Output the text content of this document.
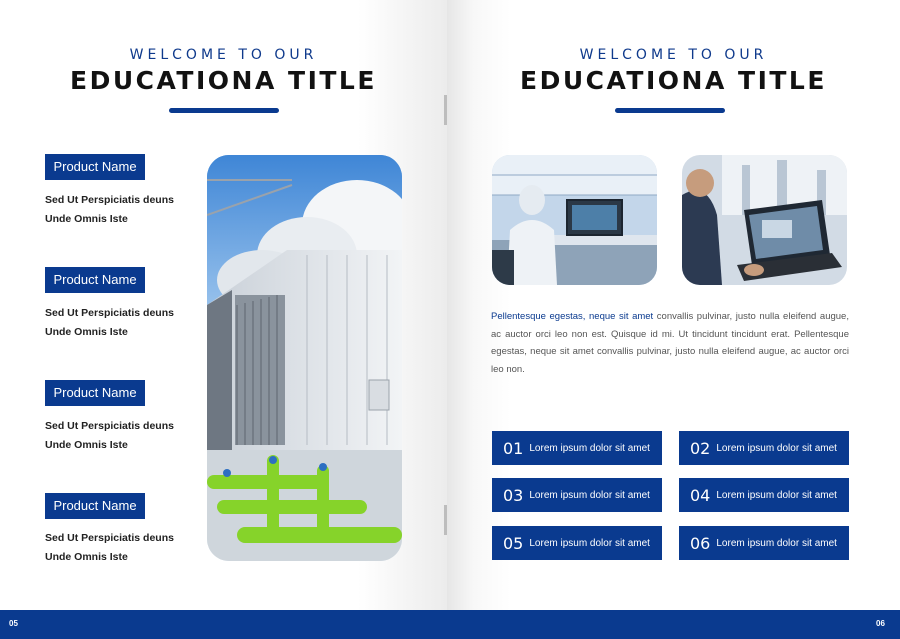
WELCOME TO OUR
EDUCATIONA TITLE
Product Name
Sed Ut Perspiciatis deuns
Unde Omnis Iste
Product Name
Sed Ut Perspiciatis deuns
Unde Omnis Iste
Product Name
Sed Ut Perspiciatis deuns
Unde Omnis Iste
Product Name
Sed Ut Perspiciatis deuns
Unde Omnis Iste
WELCOME TO OUR
EDUCATIONA TITLE
Pellentesque egestas, neque sit amet convallis pulvinar, justo nulla eleifend augue, ac auctor orci leo non est. Quisque id mi. Ut tincidunt tincidunt erat. Pellentesque egestas, neque sit amet convallis pulvinar, justo nulla eleifend augue, ac auctor orci leo non.
01 Lorem ipsum dolor sit amet	02 Lorem ipsum dolor sit amet
03 Lorem ipsum dolor sit amet	04 Lorem ipsum dolor sit amet
05 Lorem ipsum dolor sit amet	06 Lorem ipsum dolor sit amet
05	06
